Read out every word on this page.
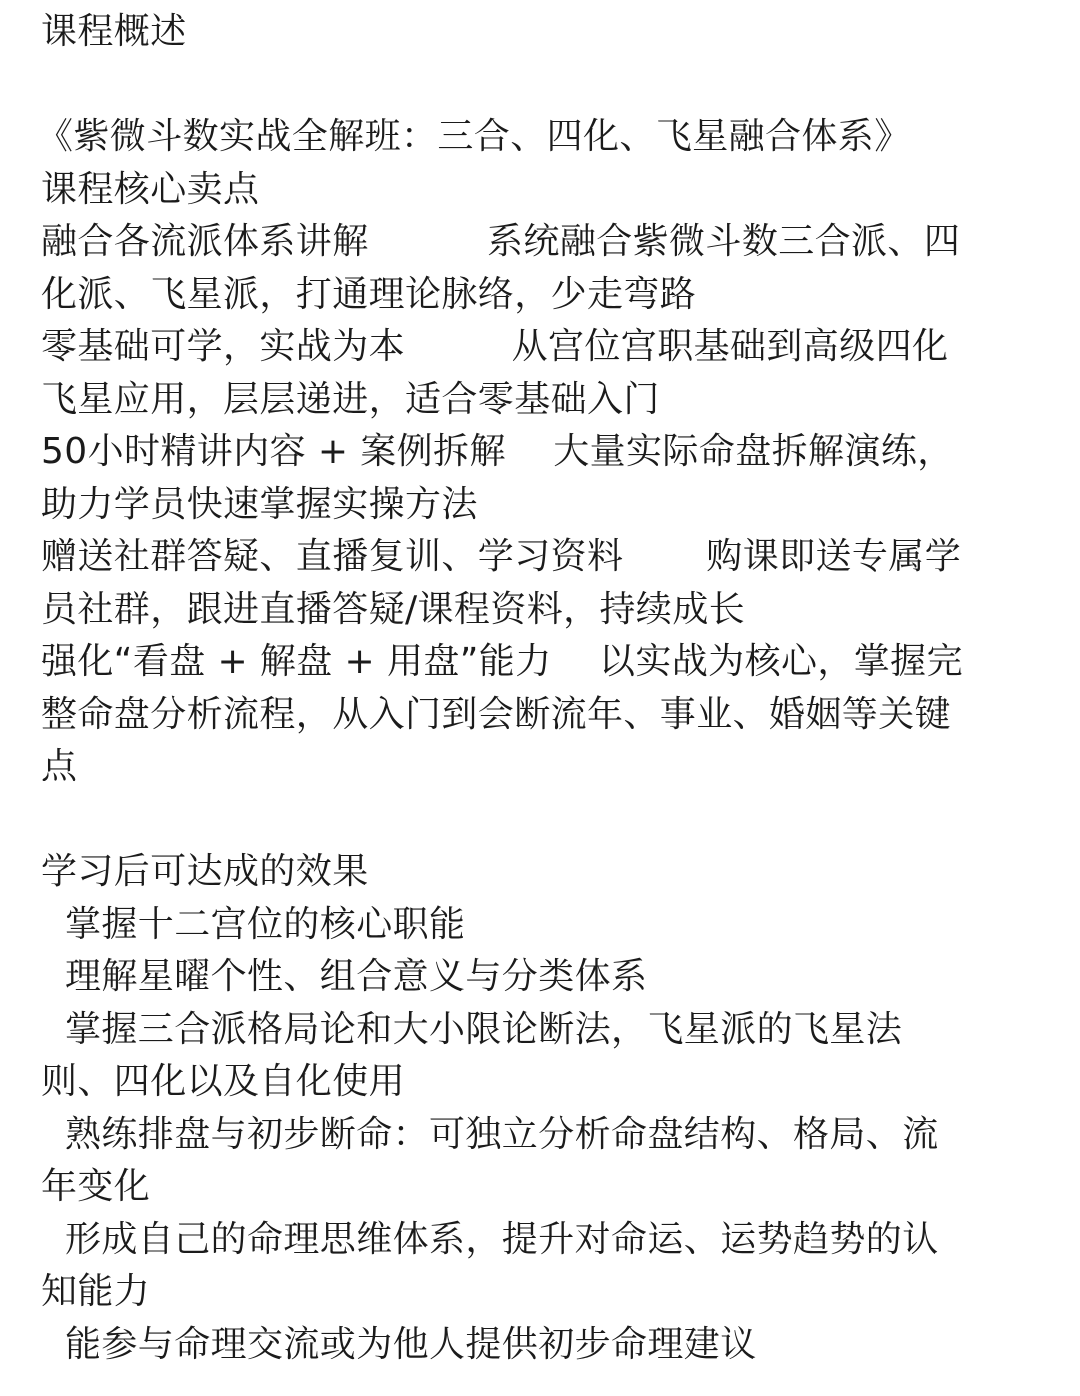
课程概述
《紫微斗数实战全解班：三合、四化、飞星融合体系》
课程核心卖点
融合各流派体系讲解          系统融合紫微斗数三合派、四
化派、飞星派，打通理论脉络，少走弯路
零基础可学，实战为本         从宫位宫职基础到高级四化
飞星应用，层层递进，适合零基础入门
50小时精讲内容 + 案例拆解    大量实际命盘拆解演练，
助力学员快速掌握实操方法
赠送社群答疑、直播复训、学习资料       购课即送专属学
员社群，跟进直播答疑/课程资料，持续成长
强化“看盘 + 解盘 + 用盘”能力    以实战为核心，掌握完
整命盘分析流程，从入门到会断流年、事业、婚姻等关键
点
学习后可达成的效果
掌握十二宫位的核心职能
理解星曜个性、组合意义与分类体系
掌握三合派格局论和大小限论断法，飞星派的飞星法
则、四化以及自化使用
熟练排盘与初步断命：可独立分析命盘结构、格局、流
年变化
形成自己的命理思维体系，提升对命运、运势趋势的认
知能力
能参与命理交流或为他人提供初步命理建议
